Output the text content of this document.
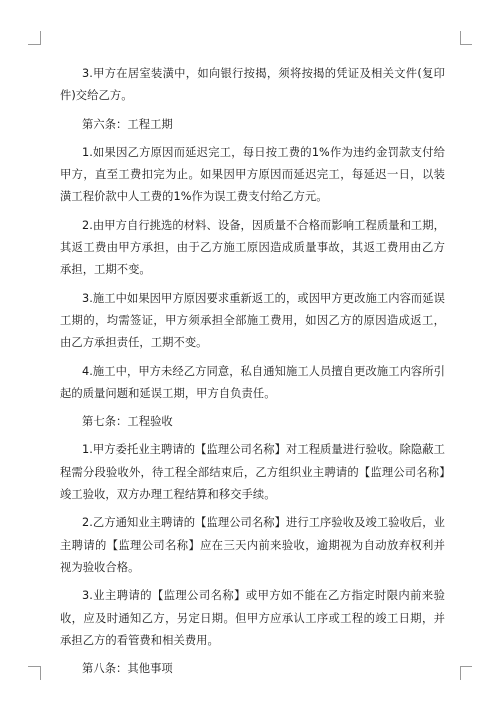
3.甲方在居室装潢中，如向银行按揭，须将按揭的凭证及相关文件(复印件)交给乙方。

第六条：工程工期

1.如果因乙方原因而延迟完工，每日按工费的1%作为违约金罚款支付给甲方，直至工费扣完为止。如果因甲方原因而延迟完工，每延迟一日，以装潢工程价款中人工费的1%作为误工费支付给乙方元。

2.由甲方自行挑选的材料、设备，因质量不合格而影响工程质量和工期，其返工费由甲方承担，由于乙方施工原因造成质量事故，其返工费用由乙方承担，工期不变。

3.施工中如果因甲方原因要求重新返工的，或因甲方更改施工内容而延误工期的，均需签证，甲方须承担全部施工费用，如因乙方的原因造成返工，由乙方承担责任，工期不变。

4.施工中，甲方未经乙方同意，私自通知施工人员擅自更改施工内容所引起的质量问题和延误工期，甲方自负责任。

第七条：工程验收

1.甲方委托业主聘请的【监理公司名称】对工程质量进行验收。除隐蔽工程需分段验收外，待工程全部结束后，乙方组织业主聘请的【监理公司名称】竣工验收，双方办理工程结算和移交手续。

2.乙方通知业主聘请的【监理公司名称】进行工序验收及竣工验收后，业主聘请的【监理公司名称】应在三天内前来验收，逾期视为自动放弃权利并视为验收合格。

3.业主聘请的【监理公司名称】或甲方如不能在乙方指定时限内前来验收，应及时通知乙方，另定日期。但甲方应承认工序或工程的竣工日期，并承担乙方的看管费和相关费用。

第八条：其他事项
